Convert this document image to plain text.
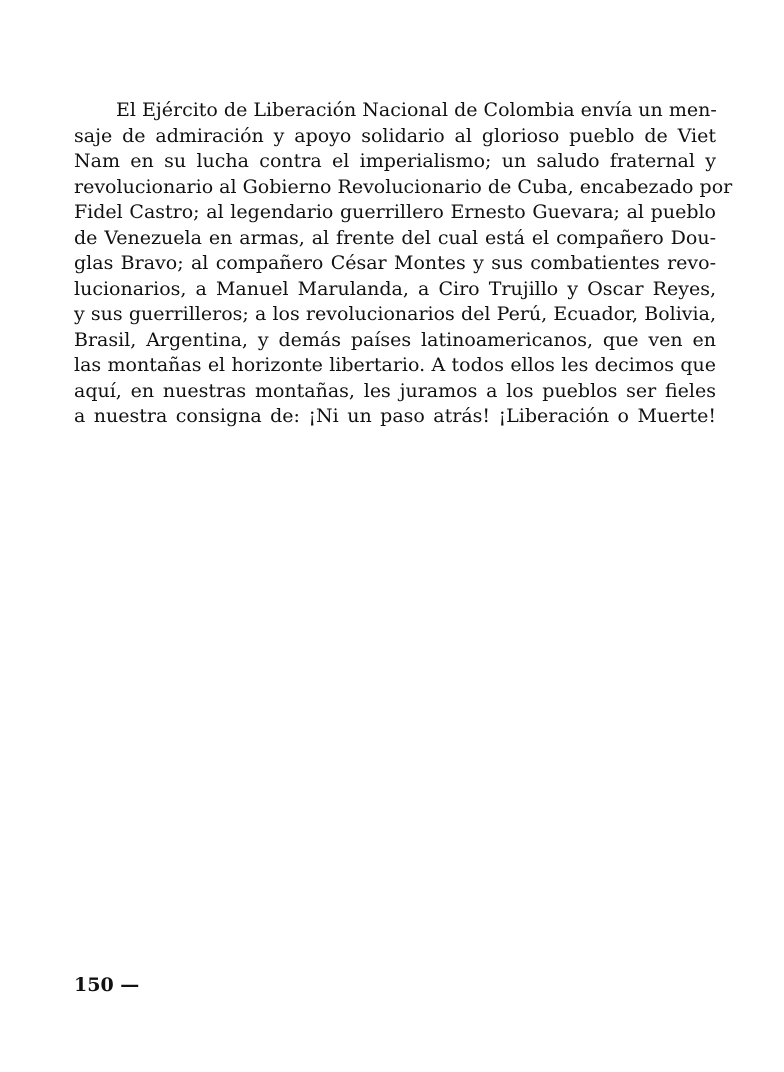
El Ejército de Liberación Nacional de Colombia envía un men-
saje de admiración y apoyo solidario al glorioso pueblo de Viet
Nam en su lucha contra el imperialismo; un saludo fraternal y
revolucionario al Gobierno Revolucionario de Cuba, encabezado por
Fidel Castro; al legendario guerrillero Ernesto Guevara; al pueblo
de Venezuela en armas, al frente del cual está el compañero Dou-
glas Bravo; al compañero César Montes y sus combatientes revo-
lucionarios, a Manuel Marulanda, a Ciro Trujillo y Oscar Reyes,
y sus guerrilleros; a los revolucionarios del Perú, Ecuador, Bolivia,
Brasil, Argentina, y demás países latinoamericanos, que ven en
las montañas el horizonte libertario. A todos ellos les decimos que
aquí, en nuestras montañas, les juramos a los pueblos ser fieles
a nuestra consigna de: ¡Ni un paso atrás! ¡Liberación o Muerte!

150 —
